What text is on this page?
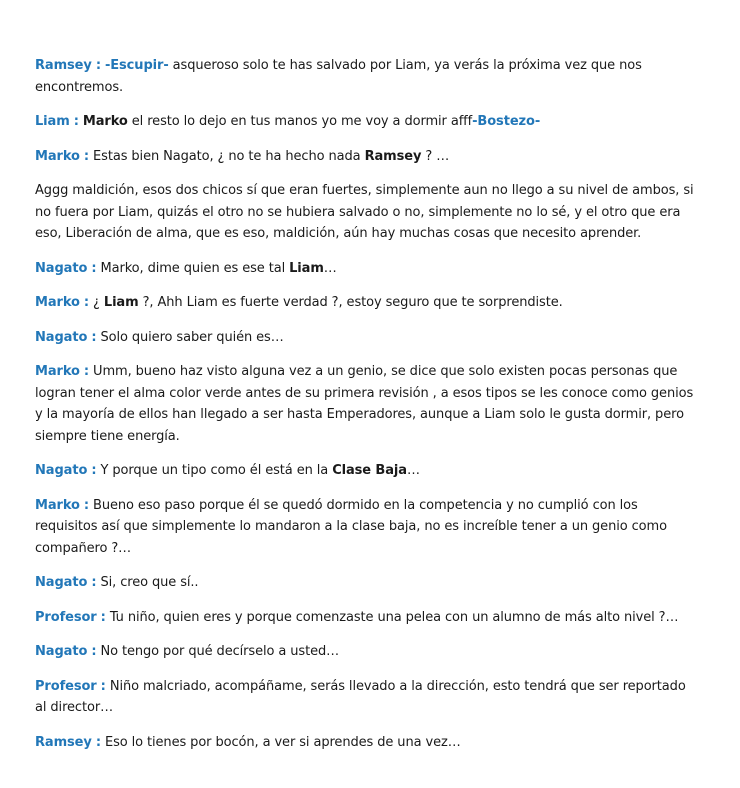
Ramsey : -Escupir- asqueroso solo te has salvado por Liam, ya verás la próxima vez que nos encontremos.

Liam : Marko el resto lo dejo en tus manos yo me voy a dormir afff-Bostezo-

Marko : Estas bien Nagato, ¿ no te ha hecho nada Ramsey ? …

Aggg maldición, esos dos chicos sí que eran fuertes, simplemente aun no llego a su nivel de ambos, si no fuera por Liam, quizás el otro no se hubiera salvado o no, simplemente no lo sé, y el otro que era eso, Liberación de alma, que es eso, maldición, aún hay muchas cosas que necesito aprender.

Nagato : Marko, dime quien es ese tal Liam…

Marko : ¿ Liam ?, Ahh Liam es fuerte verdad ?, estoy seguro que te sorprendiste.

Nagato : Solo quiero saber quién es…

Marko : Umm, bueno haz visto alguna vez a un genio, se dice que solo existen pocas personas que logran tener el alma color verde antes de su primera revisión , a esos tipos se les conoce como genios y la mayoría de ellos han llegado a ser hasta Emperadores, aunque a Liam solo le gusta dormir, pero siempre tiene energía.

Nagato : Y porque un tipo como él está en la Clase Baja…

Marko : Bueno eso paso porque él se quedó dormido en la competencia y no cumplió con los requisitos así que simplemente lo mandaron a la clase baja, no es increíble tener a un genio como compañero ?…

Nagato : Si, creo que sí..

Profesor : Tu niño, quien eres y porque comenzaste una pelea con un alumno de más alto nivel ?…

Nagato : No tengo por qué decírselo a usted…

Profesor : Niño malcriado, acompáñame, serás llevado a la dirección, esto tendrá que ser reportado al director…

Ramsey : Eso lo tienes por bocón, a ver si aprendes de una vez…
